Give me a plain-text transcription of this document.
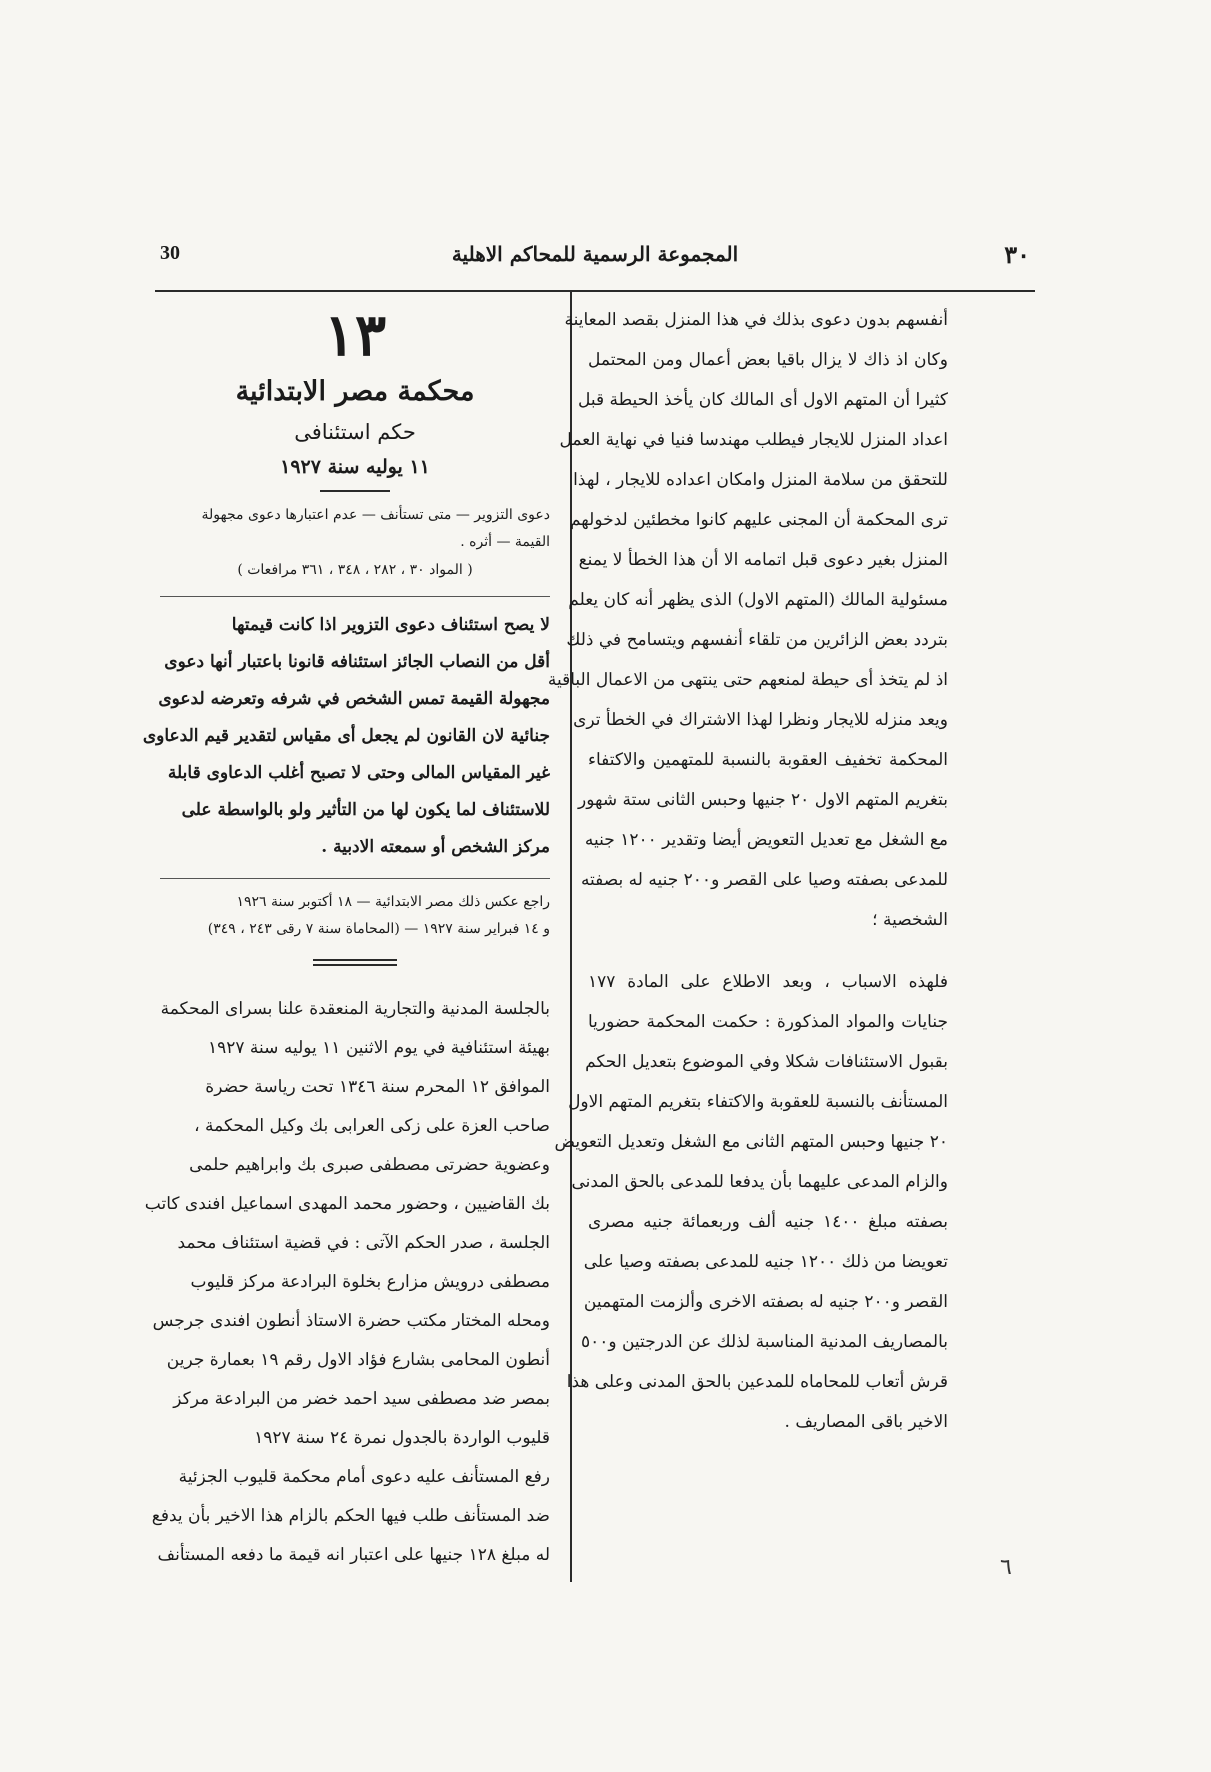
٣٠
المجموعة الرسمية للمحاكم الاهلية
30
أنفسهم بدون دعوى بذلك في هذا المنزل بقصد المعاينة
وكان اذ ذاك لا يزال باقيا بعض أعمال ومن المحتمل
كثيرا أن المتهم الاول أى المالك كان يأخذ الحيطة قبل
اعداد المنزل للايجار فيطلب مهندسا فنيا في نهاية العمل
للتحقق من سلامة المنزل وامكان اعداده للايجار ، لهذا
ترى المحكمة أن المجنى عليهم كانوا مخطئين لدخولهم
المنزل بغير دعوى قبل اتمامه الا أن هذا الخطأ لا يمنع
مسئولية المالك (المتهم الاول) الذى يظهر أنه كان يعلم
بتردد بعض الزائرين من تلقاء أنفسهم ويتسامح في ذلك
اذ لم يتخذ أى حيطة لمنعهم حتى ينتهى من الاعمال الباقية
ويعد منزله للايجار ونظرا لهذا الاشتراك في الخطأ ترى
المحكمة تخفيف العقوبة بالنسبة للمتهمين والاكتفاء
بتغريم المتهم الاول ٢٠ جنيها وحبس الثانى ستة شهور
مع الشغل مع تعديل التعويض أيضا وتقدير ١٢٠٠ جنيه
للمدعى بصفته وصيا على القصر و٢٠٠ جنيه له بصفته
الشخصية ؛
فلهذه الاسباب ، وبعد الاطلاع على المادة ١٧٧
جنايات والمواد المذكورة : حكمت المحكمة حضوريا
بقبول الاستئنافات شكلا وفي الموضوع بتعديل الحكم
المستأنف بالنسبة للعقوبة والاكتفاء بتغريم المتهم الاول
٢٠ جنيها وحبس المتهم الثانى مع الشغل وتعديل التعويض
والزام المدعى عليهما بأن يدفعا للمدعى بالحق المدنى
بصفته مبلغ ١٤٠٠ جنيه ألف وربعمائة جنيه مصرى
تعويضا من ذلك ١٢٠٠ جنيه للمدعى بصفته وصيا على
القصر و٢٠٠ جنيه له بصفته الاخرى وألزمت المتهمين
بالمصاريف المدنية المناسبة لذلك عن الدرجتين و٥٠٠
قرش أتعاب للمحاماه للمدعين بالحق المدنى وعلى هذا
الاخير باقى المصاريف .
١٣
محكمة مصر الابتدائية
حكم استئنافى
١١ يوليه سنة ١٩٢٧
دعوى التزوير — متى تستأنف — عدم اعتبارها دعوى مجهولة
القيمة — أثره .
( المواد ٣٠ ، ٢٨٢ ، ٣٤٨ ، ٣٦١ مرافعات )
لا يصح استئناف دعوى التزوير اذا كانت قيمتها
أقل من النصاب الجائز استئنافه قانونا باعتبار أنها دعوى
مجهولة القيمة تمس الشخص في شرفه وتعرضه لدعوى
جنائية لان القانون لم يجعل أى مقياس لتقدير قيم الدعاوى
غير المقياس المالى وحتى لا تصبح أغلب الدعاوى قابلة
للاستئناف لما يكون لها من التأثير ولو بالواسطة على
مركز الشخص أو سمعته الادبية .
راجع عكس ذلك مصر الابتدائية — ١٨ أكتوبر سنة ١٩٢٦
و ١٤ فبراير سنة ١٩٢٧ — (المحاماة سنة ٧ رقى ٢٤٣ ، ٣٤٩)
بالجلسة المدنية والتجارية المنعقدة علنا بسراى المحكمة
بهيئة استئنافية في يوم الاثنين ١١ يوليه سنة ١٩٢٧
الموافق ١٢ المحرم سنة ١٣٤٦ تحت رياسة حضرة
صاحب العزة على زكى العرابى بك وكيل المحكمة ،
وعضوية حضرتى مصطفى صبرى بك وابراهيم حلمى
بك القاضيين ، وحضور محمد المهدى اسماعيل افندى كاتب
الجلسة ، صدر الحكم الآتى : في قضية استئناف محمد
مصطفى درويش مزارع بخلوة البرادعة مركز قليوب
ومحله المختار مكتب حضرة الاستاذ أنطون افندى جرجس
أنطون المحامى بشارع فؤاد الاول رقم ١٩ بعمارة جرين
بمصر ضد مصطفى سيد احمد خضر من البرادعة مركز
قليوب الواردة بالجدول نمرة ٢٤ سنة ١٩٢٧
رفع المستأنف عليه دعوى أمام محكمة قليوب الجزئية
ضد المستأنف طلب فيها الحكم بالزام هذا الاخير بأن يدفع
له مبلغ ١٢٨ جنيها على اعتبار انه قيمة ما دفعه المستأنف	٦
